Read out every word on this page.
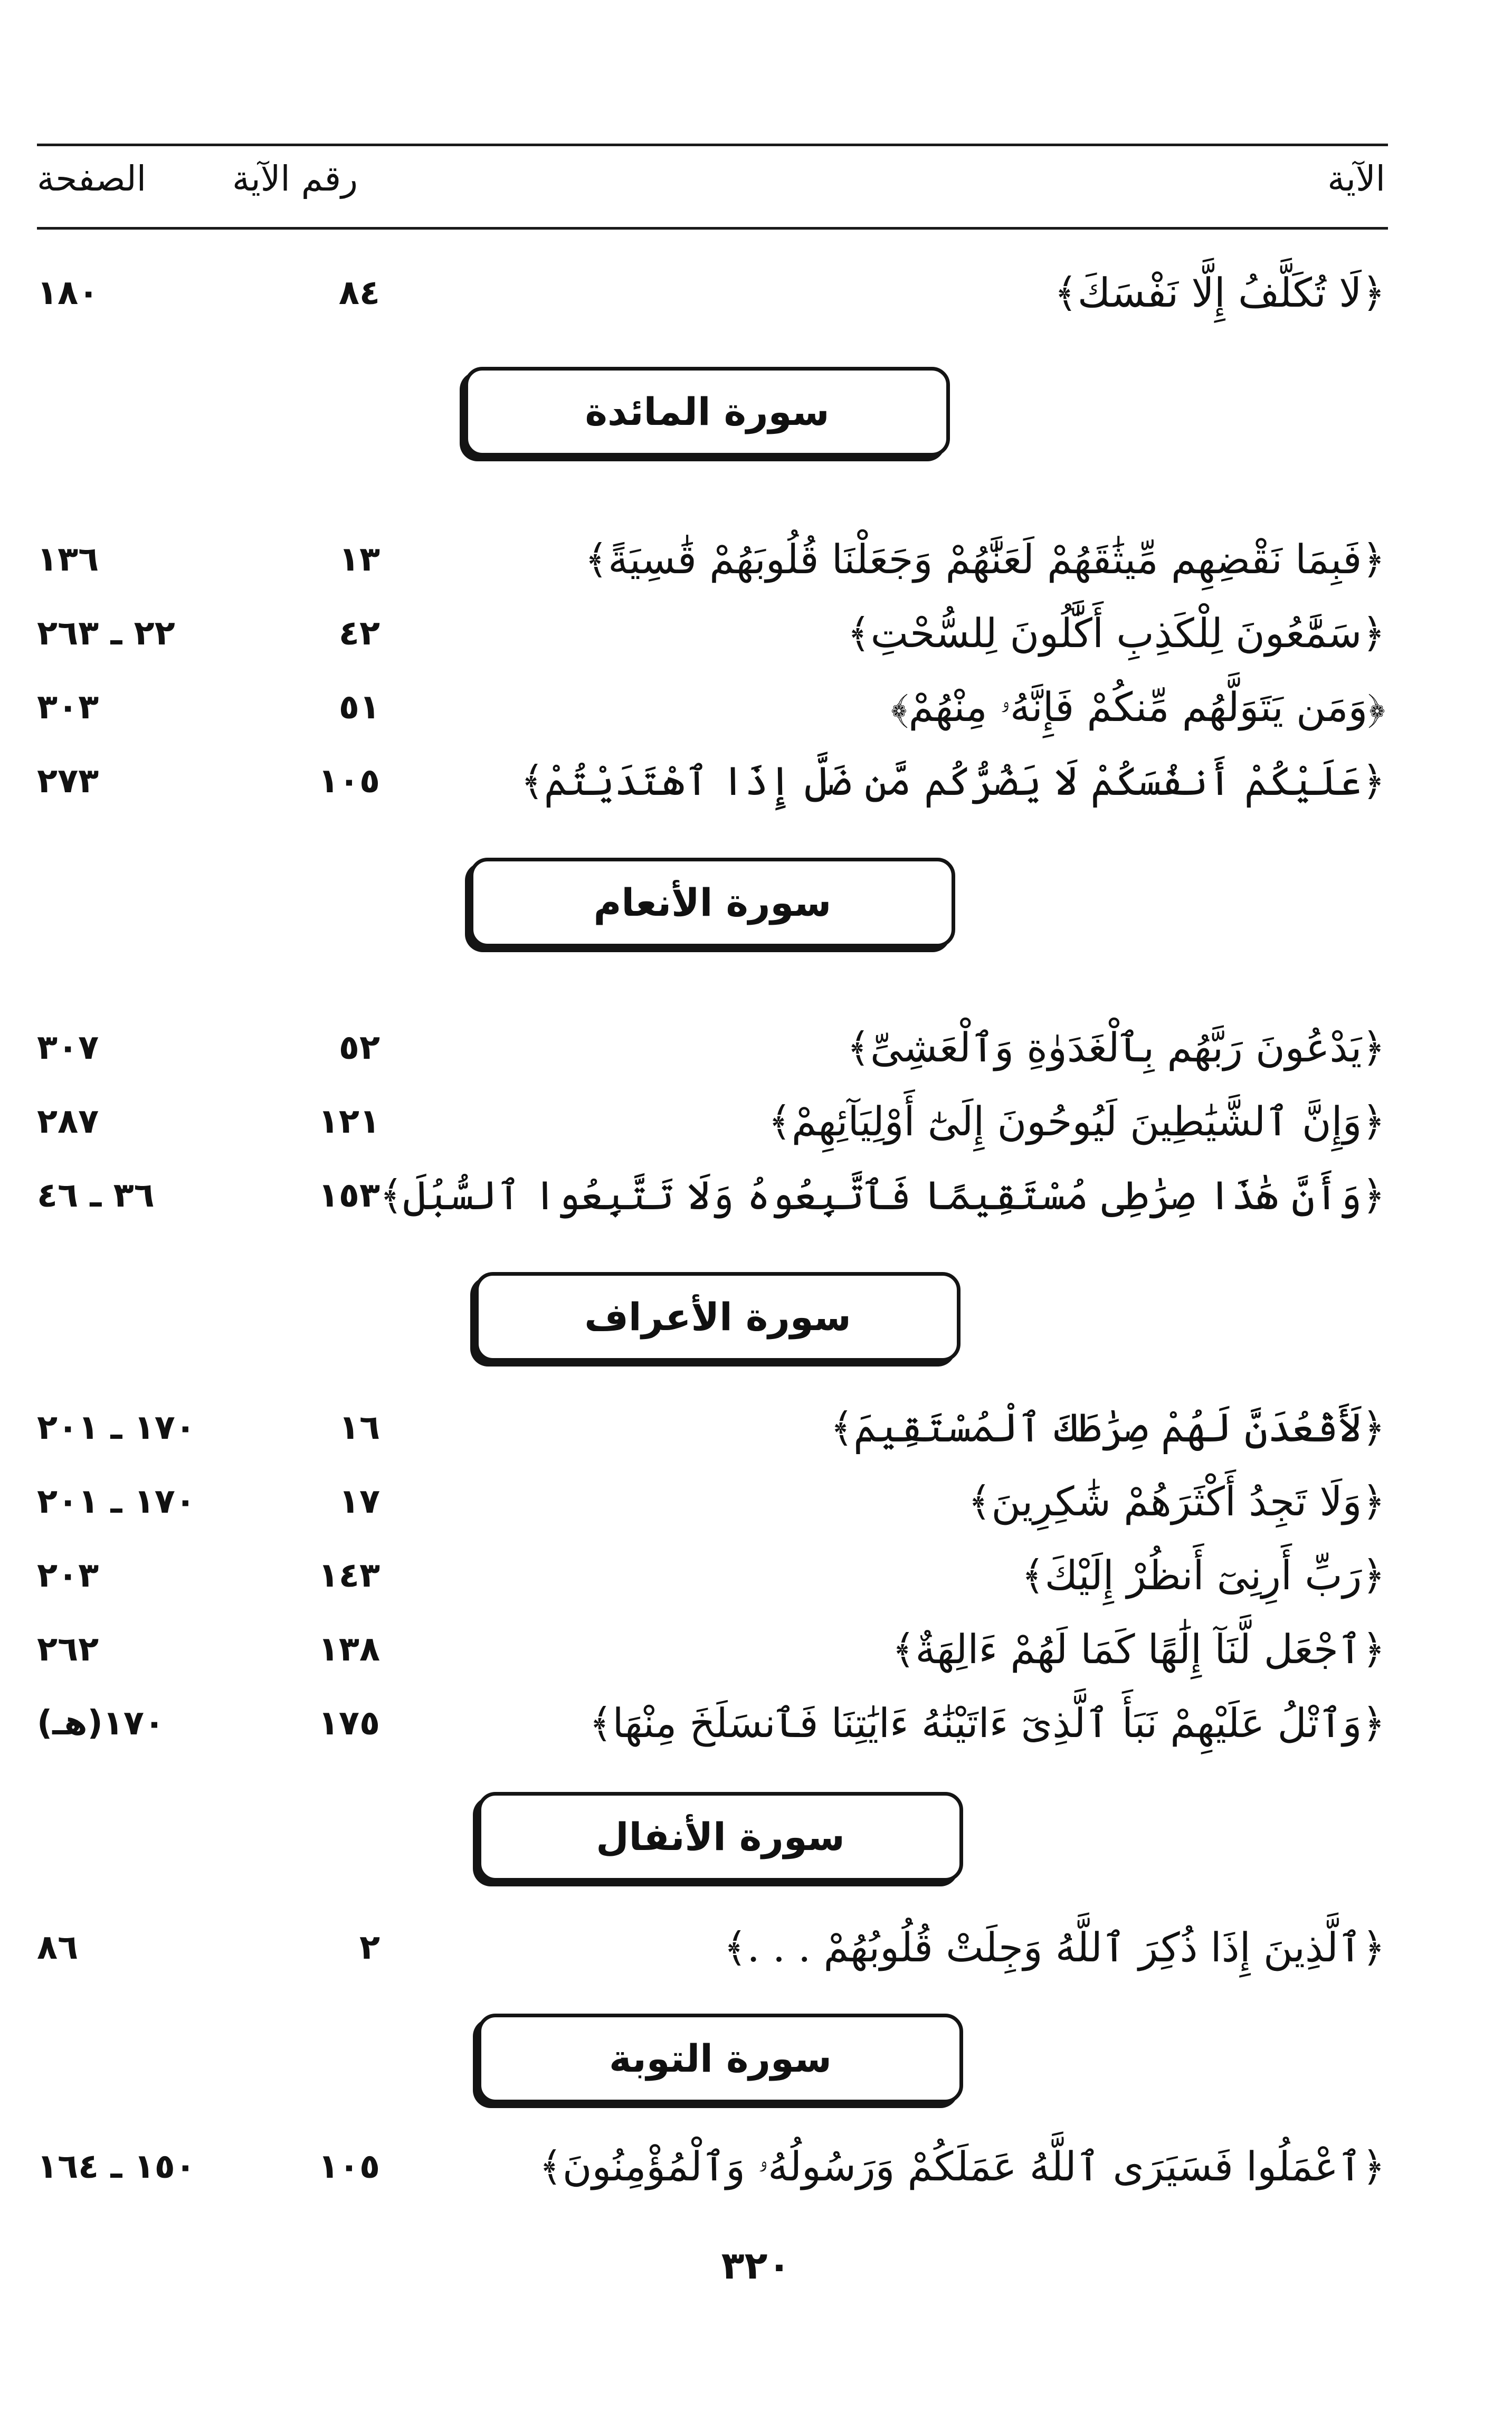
الآية
رقم الآية
الصفحة
﴿لَا تُكَلَّفُ إِلَّا نَفْسَكَ﴾
٨٤
١٨٠
سورة المائدة
﴿فَبِمَا نَقْضِهِم مِّيثَٰقَهُمْ لَعَنَّٰهُمْ وَجَعَلْنَا قُلُوبَهُمْ قَٰسِيَةً﴾
١٣
١٣٦
﴿سَمَّٰعُونَ لِلْكَذِبِ أَكَّٰلُونَ لِلسُّحْتِ﴾
٤٢
٢٢ ـ ٢٦٣
﴿وَمَن يَتَوَلَّهُم مِّنكُمْ فَإِنَّهُۥ مِنْهُمْ﴾
٥١
٣٠٣
﴿عَلَيْكُمْ أَنفُسَكُمْ لَا يَضُرُّكُم مَّن ضَلَّ إِذَا ٱهْتَدَيْتُمْ﴾
١٠٥
٢٧٣
سورة الأنعام
﴿يَدْعُونَ رَبَّهُم بِٱلْغَدَوٰةِ وَٱلْعَشِىِّ﴾
٥٢
٣٠٧
﴿وَإِنَّ ٱلشَّيَٰطِينَ لَيُوحُونَ إِلَىٰٓ أَوْلِيَآئِهِمْ﴾
١٢١
٢٨٧
﴿وَأَنَّ هَٰذَا صِرَٰطِى مُسْتَقِيمًا فَٱتَّبِعُوهُ وَلَا تَتَّبِعُوا ٱلسُّبُلَ﴾
١٥٣
٣٦ ـ ٤٦
سورة الأعراف
﴿لَأَقْعُدَنَّ لَهُمْ صِرَٰطَكَ ٱلْمُسْتَقِيمَ﴾
١٦
١٧٠ ـ ٢٠١
﴿وَلَا تَجِدُ أَكْثَرَهُمْ شَٰكِرِينَ﴾
١٧
١٧٠ ـ ٢٠١
﴿رَبِّ أَرِنِىٓ أَنظُرْ إِلَيْكَ﴾
١٤٣
٢٠٣
﴿ٱجْعَل لَّنَآ إِلَٰهًا كَمَا لَهُمْ ءَالِهَةٌ﴾
١٣٨
٢٦٢
﴿وَٱتْلُ عَلَيْهِمْ نَبَأَ ٱلَّذِىٓ ءَاتَيْنَٰهُ ءَايَٰتِنَا فَٱنسَلَخَ مِنْهَا﴾
١٧٥
١٧٠(هـ)
سورة الأنفال
﴿ٱلَّذِينَ إِذَا ذُكِرَ ٱللَّهُ وَجِلَتْ قُلُوبُهُمْ . . .﴾
٢
٨٦
سورة التوبة
﴿ٱعْمَلُوا فَسَيَرَى ٱللَّهُ عَمَلَكُمْ وَرَسُولُهُۥ وَٱلْمُؤْمِنُونَ﴾
١٠٥
١٥٠ ـ ١٦٤
٣٢٠
